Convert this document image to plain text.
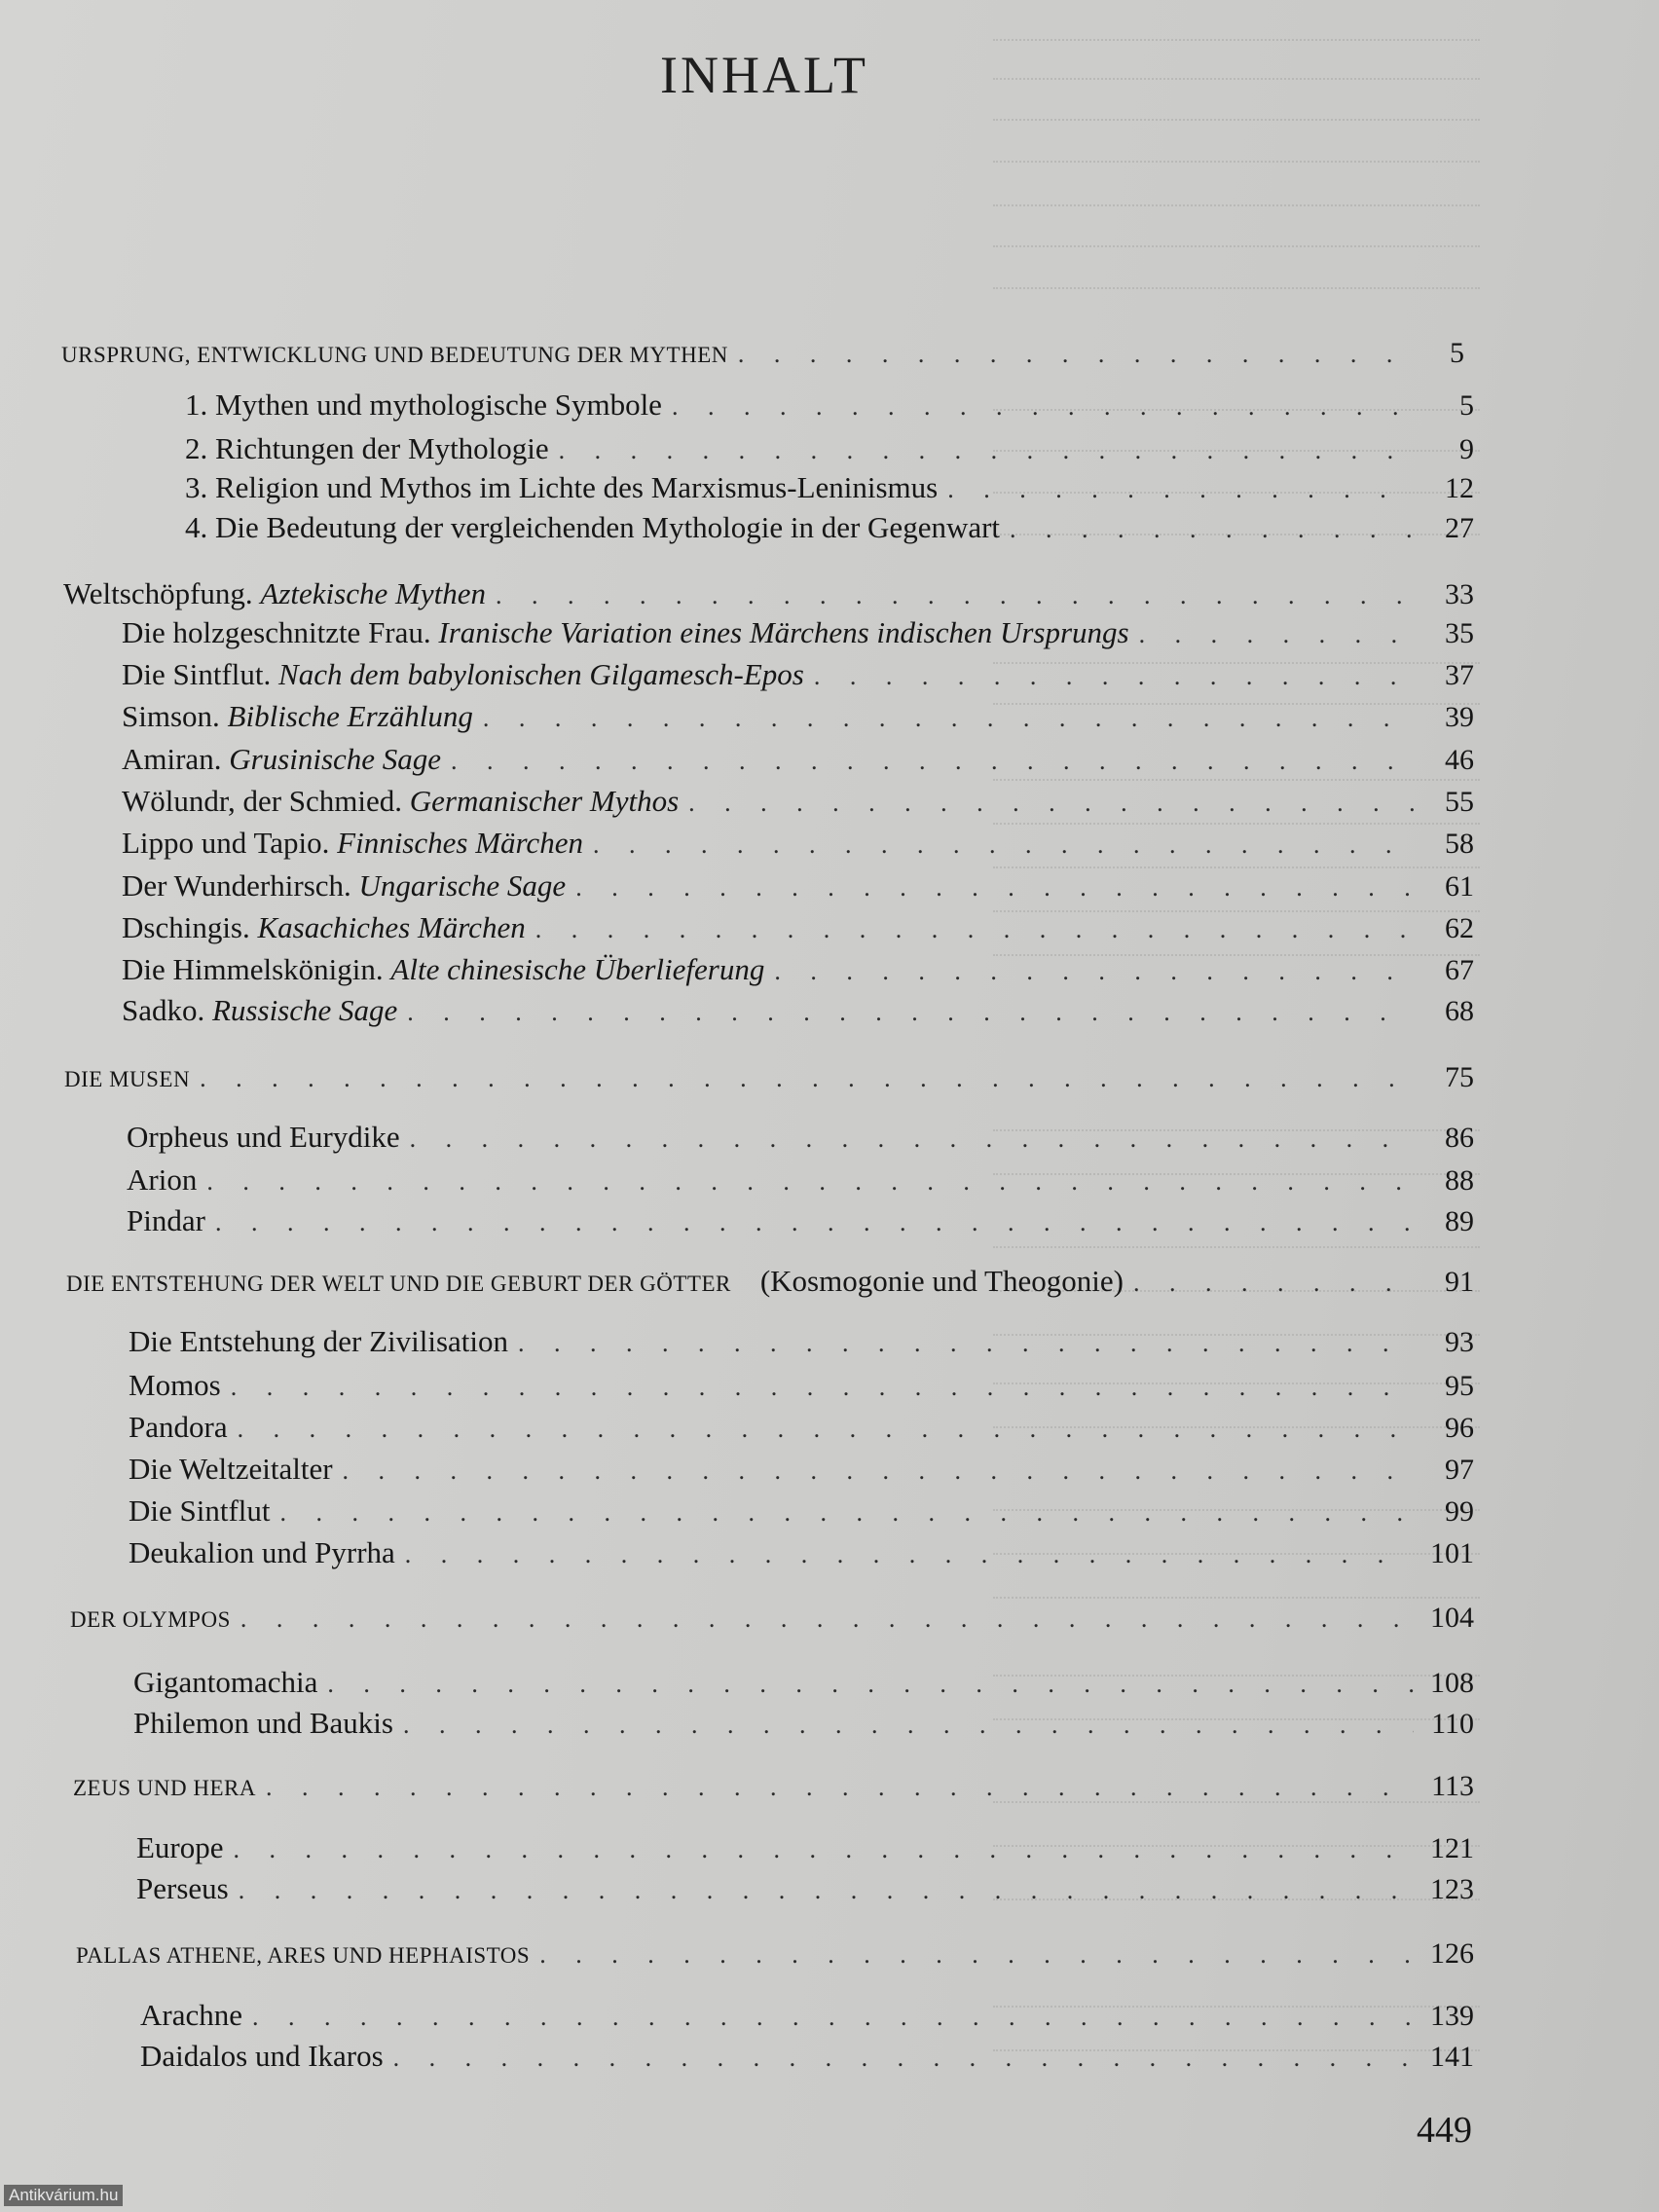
INHALT
URSPRUNG, ENTWICKLUNG UND BEDEUTUNG DER MYTHEN . . .	5
1. Mythen und mythologische Symbole . . .	5
2. Richtungen der Mythologie . . .	9
3. Religion und Mythos im Lichte des Marxismus-Leninismus . . .	12
4. Die Bedeutung der vergleichenden Mythologie in der Gegenwart . . .	27
Weltschöpfung. Aztekische Mythen . . .	33
Die holzgeschnitzte Frau. Iranische Variation eines Märchens indischen Ursprungs . . .	35
Die Sintflut. Nach dem babylonischen Gilgamesch-Epos . . .	37
Simson. Biblische Erzählung . . .	39
Amiran. Grusinische Sage . . .	46
Wölundr, der Schmied. Germanischer Mythos . . .	55
Lippo und Tapio. Finnisches Märchen . . .	58
Der Wunderhirsch. Ungarische Sage . . .	61
Dschingis. Kasachiches Märchen . . .	62
Die Himmelskönigin. Alte chinesische Überlieferung . . .	67
Sadko. Russische Sage . . .	68
DIE MUSEN . . .	75
Orpheus und Eurydike . . .	86
Arion . . .	88
Pindar . . .	89
DIE ENTSTEHUNG DER WELT UND DIE GEBURT DER GÖTTER (Kosmogonie und Theogonie) . . .	91
Die Entstehung der Zivilisation . . .	93
Momos . . .	95
Pandora . . .	96
Die Weltzeitalter . . .	97
Die Sintflut . . .	99
Deukalion und Pyrrha . . .	101
DER OLYMPOS . . .	104
Gigantomachia . . .	108
Philemon und Baukis . . .	110
ZEUS UND HERA . . .	113
Europe . . .	121
Perseus . . .	123
PALLAS ATHENE, ARES UND HEPHAISTOS . . .	126
Arachne . . .	139
Daidalos und Ikaros . . .	141
449
Antikvárium.hu
